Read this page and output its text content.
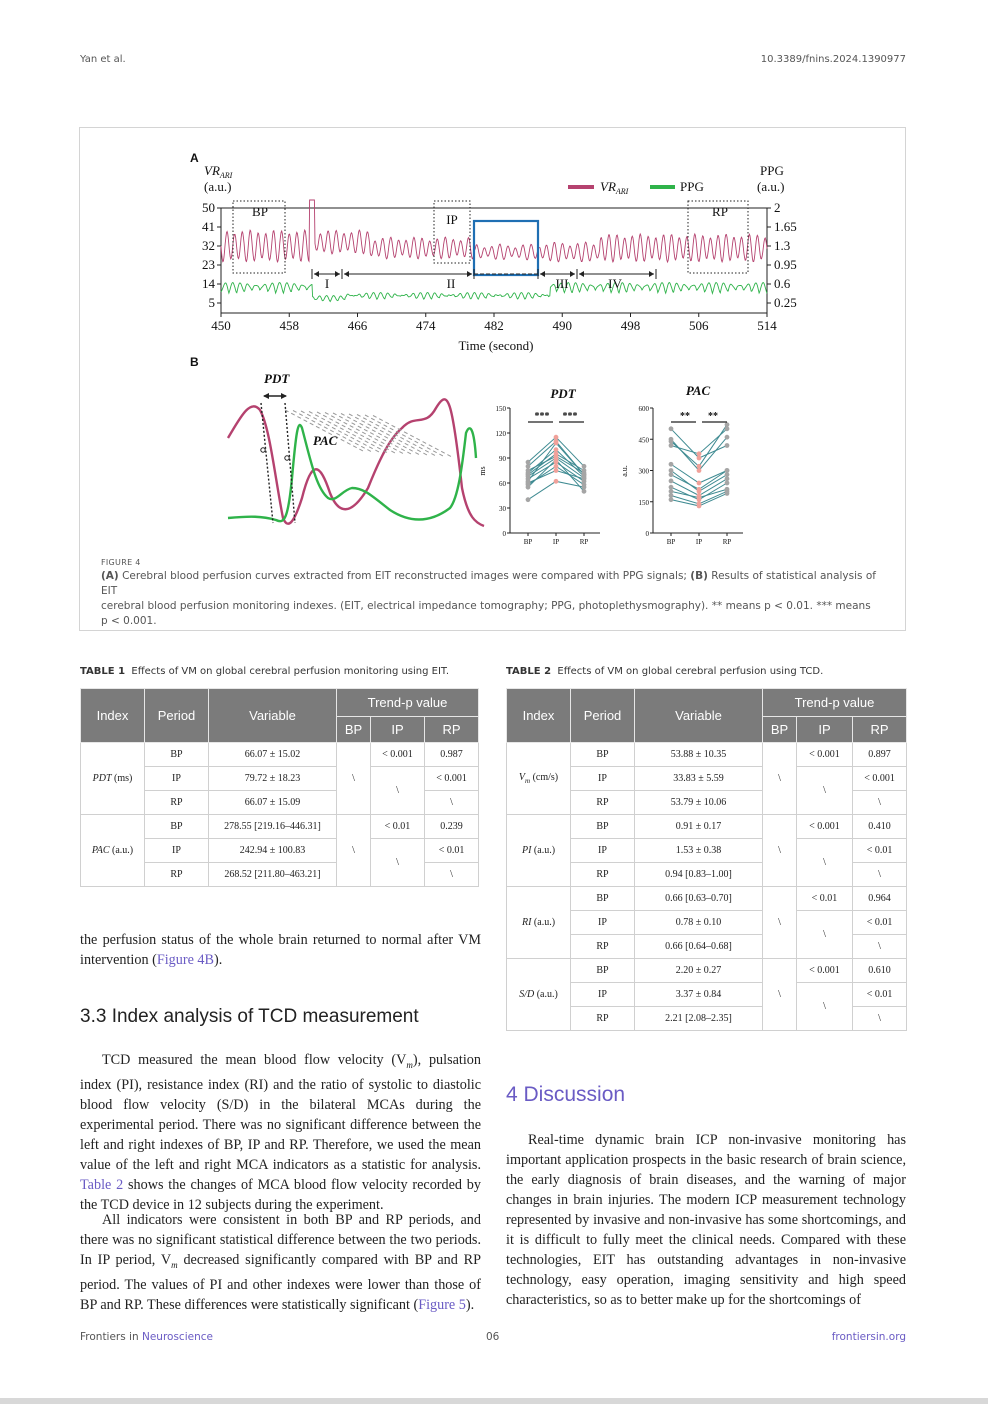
Yan et al.	10.3389/fnins.2024.1390977
A
B
$VR_{ARI}$
(a.u.)
PPG
(a.u.)
$VR_{ARI}$	PPG
50
41
32
23
14
5
2
1.65
1.3
0.95
0.6
0.25
450	458	466	474	482	490	498	506	514
BP
IP
RP
I	II	III	IV
Time (second)
PDT
PAC
150
120
90
60
30
0
BP	IP	RP
*** ***
PDT
ms
600
450
300
150
0
BP	IP	RP
** **
PAC
a.u.
FIGURE 4
(A) Cerebral blood perfusion curves extracted from EIT reconstructed images were compared with PPG signals; (B) Results of statistical analysis of EIT
cerebral blood perfusion monitoring indexes. (EIT, electrical impedance tomography; PPG, photoplethysmography). ** means p < 0.01. *** means
p < 0.001.
TABLE 1 Effects of VM on global cerebral perfusion monitoring using EIT.
Index	Period	Variable	Trend-p value		
			BP	IP	RP
PDT (ms)	BP	66.07 ± 15.02	\	< 0.001	0.987
	IP	79.72 ± 18.23		\	< 0.001
	RP	66.07 ± 15.09			\
PAC (a.u.)	BP	278.55 [219.16–446.31]	\	< 0.01	0.239
	IP	242.94 ± 100.83		\	< 0.01
	RP	268.52 [211.80–463.21]			\
TABLE 2 Effects of VM on global cerebral perfusion using TCD.
Index	Period	Variable	Trend-p value		
			BP	IP	RP
$V_m$ (cm/s)	BP	53.88 ± 10.35	\	< 0.001	0.897
	IP	33.83 ± 5.59		\	< 0.001
	RP	53.79 ± 10.06			\
PI (a.u.)	BP	0.91 ± 0.17	\	< 0.001	0.410
	IP	1.53 ± 0.38		\	< 0.01
	RP	0.94 [0.83–1.00]			\
RI (a.u.)	BP	0.66 [0.63–0.70]	\	< 0.01	0.964
	IP	0.78 ± 0.10		\	< 0.01
	RP	0.66 [0.64–0.68]			\
S/D (a.u.)	BP	2.20 ± 0.27	\	< 0.001	0.610
	IP	3.37 ± 0.84		\	< 0.01
	RP	2.21 [2.08–2.35]			\
the perfusion status of the whole brain returned to normal after VM intervention (Figure 4B).
3.3 Index analysis of TCD measurement
TCD measured the mean blood flow velocity $(V_m)$, pulsation index (PI), resistance index (RI) and the ratio of systolic to diastolic blood flow velocity (S/D) in the bilateral MCAs during the experimental period. There was no significant difference between the left and right indexes of BP, IP and RP. Therefore, we used the mean value of the left and right MCA indicators as a statistic for analysis. Table 2 shows the changes of MCA blood flow velocity recorded by the TCD device in 12 subjects during the experiment.
All indicators were consistent in both BP and RP periods, and there was no significant statistical difference between the two periods. In IP period, $V_m$ decreased significantly compared with BP and RP period. The values of PI and other indexes were lower than those of BP and RP. These differences were statistically significant (Figure 5).
4 Discussion
Real-time dynamic brain ICP non-invasive monitoring has important application prospects in the basic research of brain science, the early diagnosis of brain diseases, and the warning of major changes in brain injuries. The modern ICP measurement technology represented by invasive and non-invasive has some shortcomings, and it is difficult to fully meet the clinical needs. Compared with these technologies, EIT has outstanding advantages in non-invasive technology, easy operation, imaging sensitivity and high speed characteristics, so as to better make up for the shortcomings of
Frontiers in Neuroscience	06	frontiersin.org
